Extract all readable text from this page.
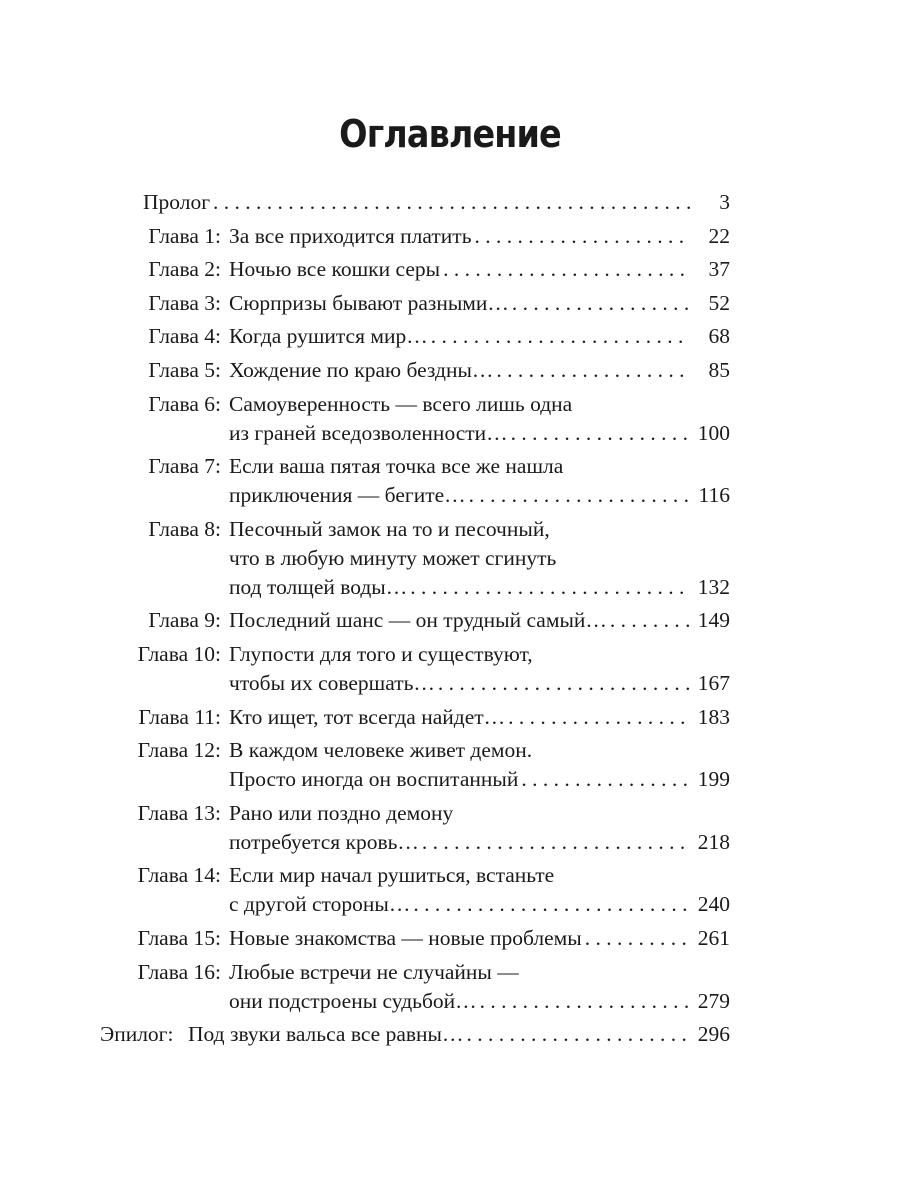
Оглавление
Пролог . . .	3
Глава 1: За все приходится платить . . .	22
Глава 2: Ночью все кошки серы . . .	37
Глава 3: Сюрпризы бывают разными… . . .	52
Глава 4: Когда рушится мир… . . .	68
Глава 5: Хождение по краю бездны… . . .	85
Глава 6: Самоуверенность — всего лишь одна
из граней вседозволенности… . . .	100
Глава 7: Если ваша пятая точка все же нашла
приключения — бегите… . . .	116
Глава 8: Песочный замок на то и песочный,
что в любую минуту может сгинуть
под толщей воды… . . .	132
Глава 9: Последний шанс — он трудный самый… . . .	149
Глава 10: Глупости для того и существуют,
чтобы их совершать… . . .	167
Глава 11: Кто ищет, тот всегда найдет… . . .	183
Глава 12: В каждом человеке живет демон.
Просто иногда он воспитанный . . .	199
Глава 13: Рано или поздно демону
потребуется кровь… . . .	218
Глава 14: Если мир начал рушиться, встаньте
с другой стороны… . . .	240
Глава 15: Новые знакомства — новые проблемы . . .	261
Глава 16: Любые встречи не случайны —
они подстроены судьбой… . . .	279
Эпилог: Под звуки вальса все равны… . . .	296
